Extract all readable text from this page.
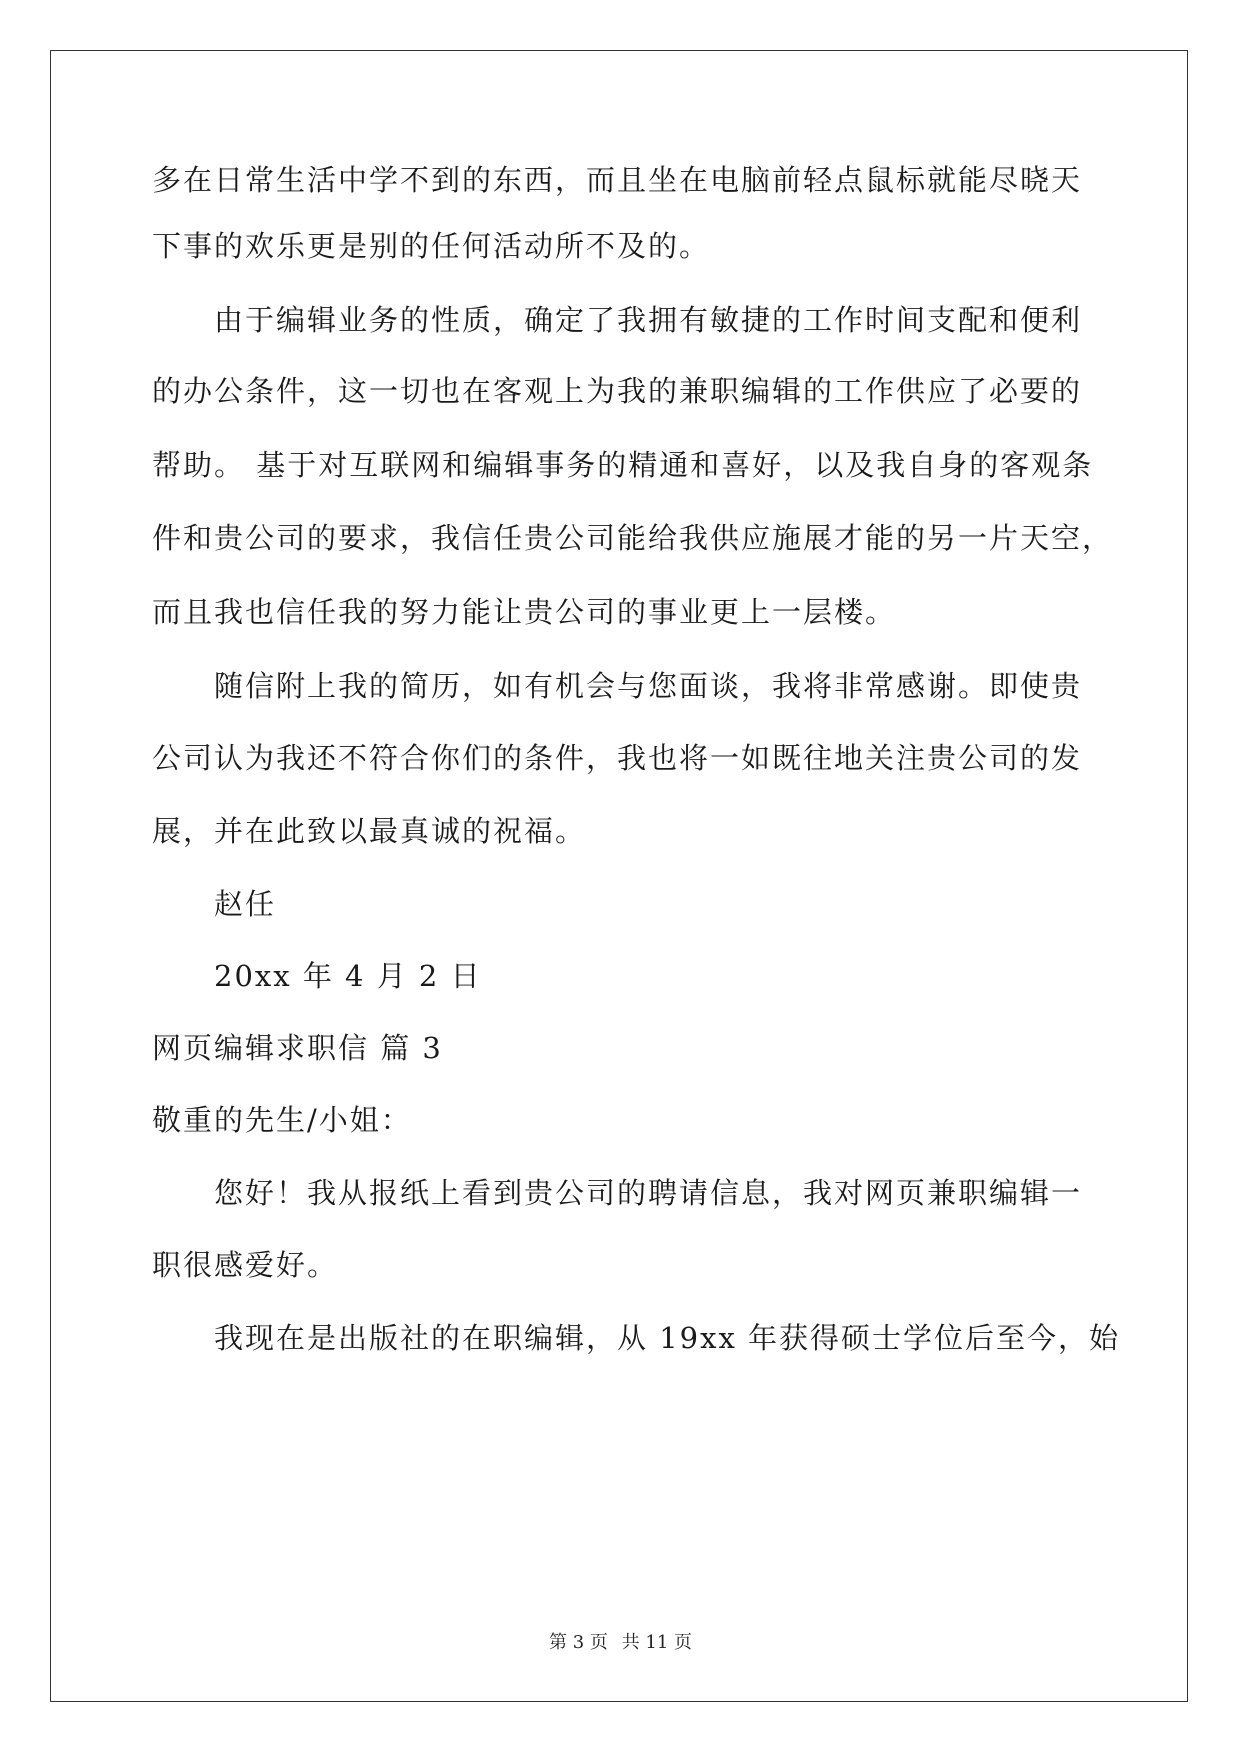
多在日常生活中学不到的东西，而且坐在电脑前轻点鼠标就能尽晓天
下事的欢乐更是别的任何活动所不及的。
由于编辑业务的性质，确定了我拥有敏捷的工作时间支配和便利
的办公条件，这一切也在客观上为我的兼职编辑的工作供应了必要的
帮助。 基于对互联网和编辑事务的精通和喜好，以及我自身的客观条
件和贵公司的要求，我信任贵公司能给我供应施展才能的另一片天空，
而且我也信任我的努力能让贵公司的事业更上一层楼。
随信附上我的简历，如有机会与您面谈，我将非常感谢。即使贵
公司认为我还不符合你们的条件，我也将一如既往地关注贵公司的发
展，并在此致以最真诚的祝福。
赵任
20xx 年 4 月 2 日
网页编辑求职信 篇 3
敬重的先生/小姐：
您好！我从报纸上看到贵公司的聘请信息，我对网页兼职编辑一
职很感爱好。
我现在是出版社的在职编辑，从 19xx 年获得硕士学位后至今，始
第 3 页 共 11 页
